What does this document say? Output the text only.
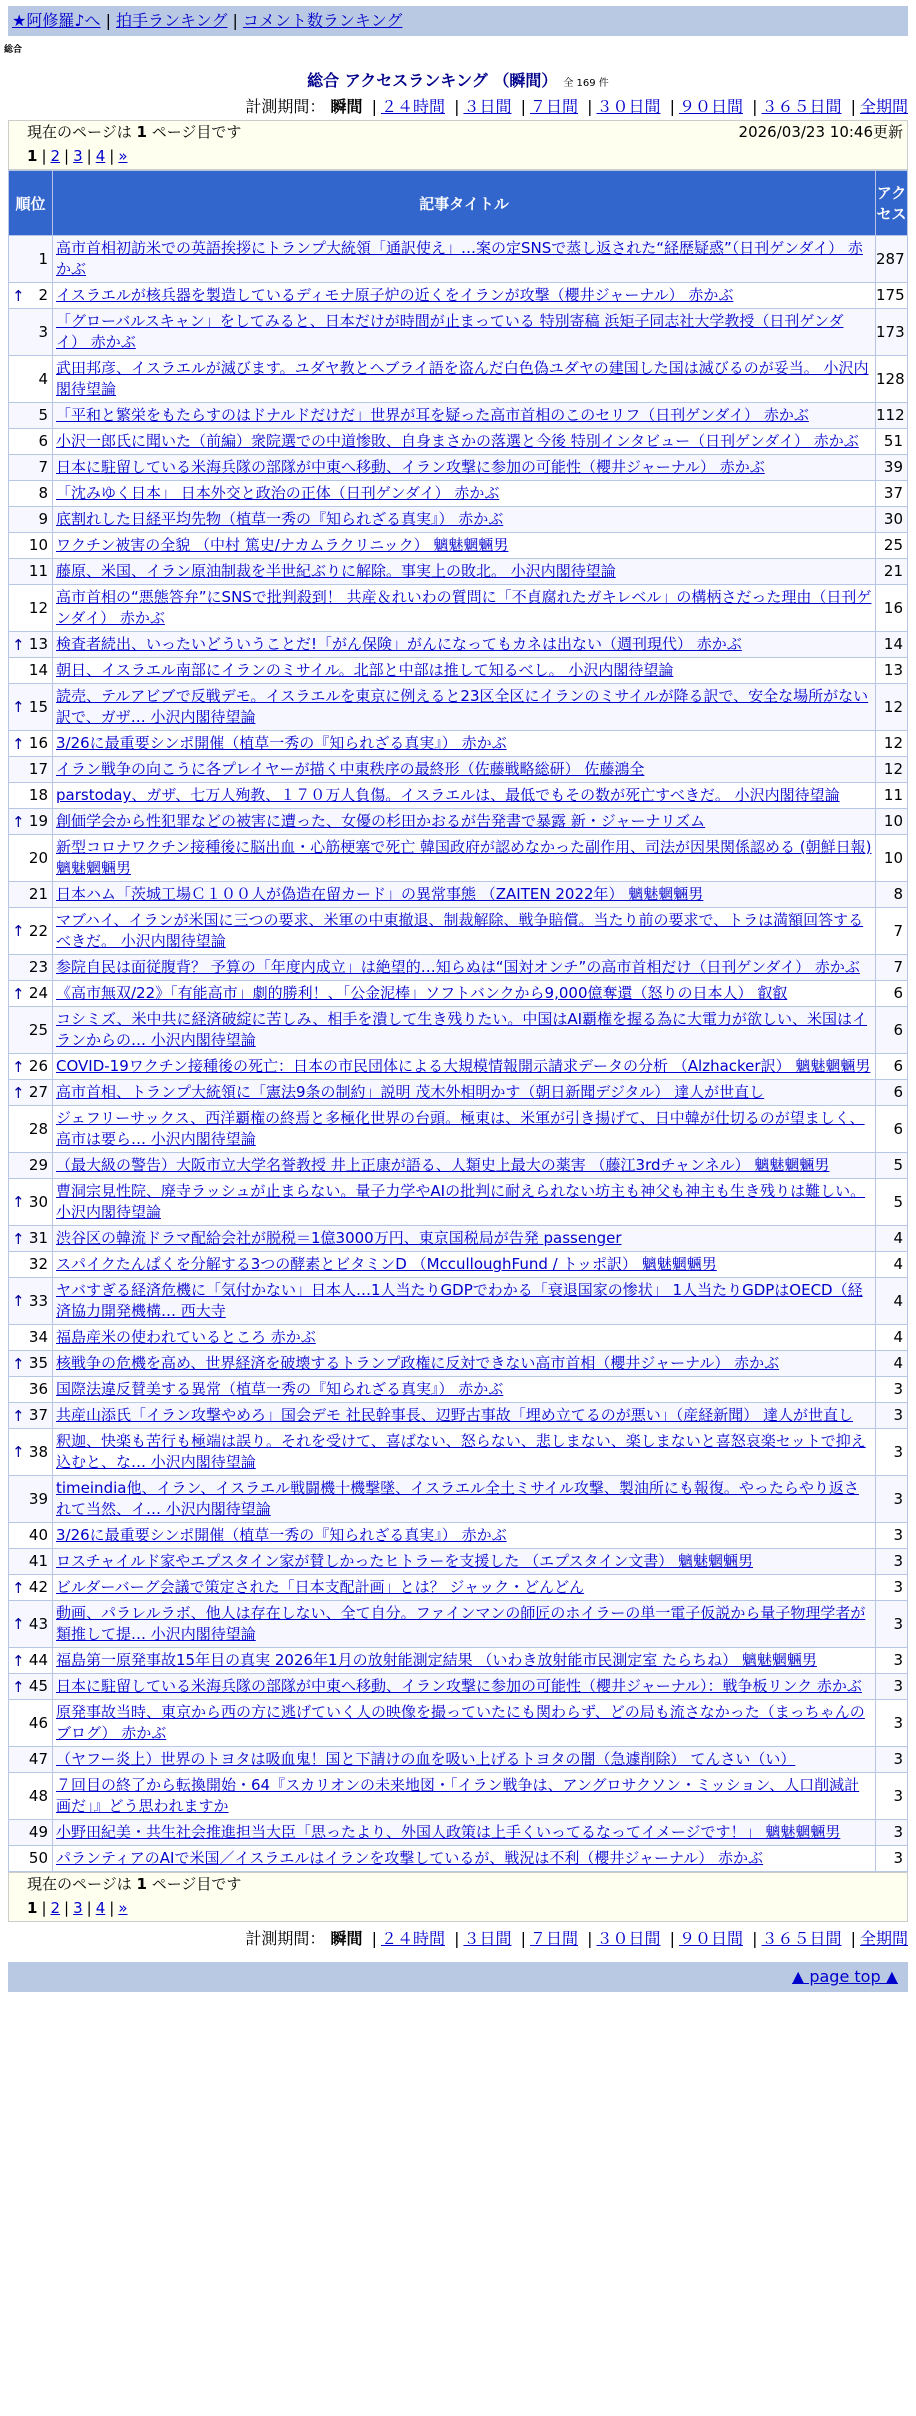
★阿修羅♪へ | 拍手ランキング | コメント数ランキング
総合
総合 アクセスランキング （瞬間） 全 169 件
計測期間： 瞬間 | ２４時間 | ３日間 | ７日間 | ３０日間 | ９０日間 | ３６５日間 | 全期間
現在のページは 1 ページ目です	2026/03/23 10:46更新
1 | 2 | 3 | 4 | »
順位	記事タイトル	アクセス
1	高市首相初訪米での英語挨拶にトランプ大統領「通訳使え」…案の定SNSで蒸し返された“経歴疑惑”（日刊ゲンダイ） 赤かぶ	287

↑ 2	イスラエルが核兵器を製造しているディモナ原子炉の近くをイランが攻撃（櫻井ジャーナル） 赤かぶ	175
3	「グローバルスキャン」をしてみると、日本だけが時間が止まっている 特別寄稿 浜矩子同志社大学教授（日刊ゲンダイ） 赤かぶ	173
4	武田邦彦、イスラエルが滅びます。ユダヤ教とヘブライ語を盗んだ白色偽ユダヤの建国した国は滅びるのが妥当。 小沢内閣待望論	128
5	「平和と繁栄をもたらすのはドナルドだけだ」世界が耳を疑った高市首相のこのセリフ（日刊ゲンダイ） 赤かぶ	112
6	小沢一郎氏に聞いた（前編）衆院選での中道惨敗、自身まさかの落選と今後 特別インタビュー（日刊ゲンダイ） 赤かぶ	51
7	日本に駐留している米海兵隊の部隊が中東へ移動、イラン攻撃に参加の可能性（櫻井ジャーナル） 赤かぶ	39
8	「沈みゆく日本」 日本外交と政治の正体（日刊ゲンダイ） 赤かぶ	37
9	底割れした日経平均先物（植草一秀の『知られざる真実』） 赤かぶ	30
10	ワクチン被害の全貌 （中村 篤史/ナカムラクリニック） 魑魅魍魎男	25
11	藤原、米国、イラン原油制裁を半世紀ぶりに解除。事実上の敗北。 小沢内閣待望論	21
12	高市首相の“悪態答弁”にSNSで批判殺到！ 共産＆れいわの質問に「不貞腐れたガキレベル」の構柄さだった理由（日刊ゲンダイ） 赤かぶ	16

↑ 13	検査者続出、いったいどういうことだ!「がん保険」がんになってもカネは出ない（週刊現代） 赤かぶ	14
14	朝日、イスラエル南部にイランのミサイル。北部と中部は推して知るべし。 小沢内閣待望論	13

↑ 15	読売、テルアビブで反戦デモ。イスラエルを東京に例えると23区全区にイランのミサイルが降る訳で、安全な場所がない訳で、ガザ… 小沢内閣待望論	12

↑ 16	3/26に最重要シンポ開催（植草一秀の『知られざる真実』） 赤かぶ	12
17	イラン戦争の向こうに各プレイヤーが描く中東秩序の最終形（佐藤戦略総研） 佐藤鴻全	12
18	parstoday、ガザ、七万人殉教、１７０万人負傷。イスラエルは、最低でもその数が死亡すべきだ。 小沢内閣待望論	11

↑ 19	創価学会から性犯罪などの被害に遭った、女優の杉田かおるが告発書で暴露 新・ジャーナリズム	10
20	新型コロナワクチン接種後に脳出血・心筋梗塞で死亡 韓国政府が認めなかった副作用、司法が因果関係認める (朝鮮日報) 魑魅魍魎男	10
21	日本ハム「茨城工場Ｃ１００人が偽造在留カード」の異常事態 （ZAITEN 2022年） 魑魅魍魎男	8

↑ 22	マブハイ、イランが米国に三つの要求、米軍の中東撤退、制裁解除、戦争賠償。当たり前の要求で、トラは満額回答するべきだ。 小沢内閣待望論	7
23	参院自民は面従腹背？ 予算の「年度内成立」は絶望的…知らぬは“国対オンチ”の高市首相だけ（日刊ゲンダイ） 赤かぶ	7

↑ 24	《高市無双/22》「有能高市」劇的勝利！、「公金泥棒」ソフトバンクから9,000億奪還（怒りの日本人） 叡叡	6
25	コシミズ、米中共に経済破綻に苦しみ、相手を潰して生き残りたい。中国はAI覇権を握る為に大電力が欲しい、米国はイランからの… 小沢内閣待望論	6

↑ 26	COVID-19ワクチン接種後の死亡：日本の市民団体による大規模情報開示請求データの分析 （Alzhacker訳） 魑魅魍魎男	6

↑ 27	高市首相、トランプ大統領に「憲法9条の制約」説明 茂木外相明かす（朝日新聞デジタル） 達人が世直し	6
28	ジェフリーサックス、西洋覇権の終焉と多極化世界の台頭。極東は、米軍が引き揚げて、日中韓が仕切るのが望ましく、高市は要ら… 小沢内閣待望論	6
29	（最大級の警告）大阪市立大学名誉教授 井上正康が語る、人類史上最大の薬害 （藤江3rdチャンネル） 魑魅魍魎男	5

↑ 30	曹洞宗見性院、廃寺ラッシュが止まらない。量子力学やAIの批判に耐えられない坊主も神父も神主も生き残りは難しい。 小沢内閣待望論	5

↑ 31	渋谷区の韓流ドラマ配給会社が脱税＝1億3000万円、東京国税局が告発 passenger	4
32	スパイクたんぱくを分解する3つの酵素とビタミンD （McculloughFund / トッポ訳） 魑魅魍魎男	4

↑ 33	ヤバすぎる経済危機に「気付かない」日本人…1人当たりGDPでわかる「衰退国家の惨状」 1人当たりGDPはOECD（経済協力開発機構… 西大寺	4
34	福島産米の使われているところ 赤かぶ	4

↑ 35	核戦争の危機を高め、世界経済を破壊するトランプ政権に反対できない高市首相（櫻井ジャーナル） 赤かぶ	4
36	国際法違反賛美する異常（植草一秀の『知られざる真実』） 赤かぶ	3

↑ 37	共産山添氏「イラン攻撃やめろ」国会デモ 社民幹事長、辺野古事故「埋め立てるのが悪い」（産経新聞） 達人が世直し	3

↑ 38	釈迦、快楽も苦行も極端は誤り。それを受けて、喜ばない、怒らない、悲しまない、楽しまないと喜怒哀楽セットで抑え込むと、な… 小沢内閣待望論	3
39	timeindia他、イラン、イスラエル戦闘機十機撃墜、イスラエル全土ミサイル攻撃、製油所にも報復。やったらやり返されて当然、イ… 小沢内閣待望論	3
40	3/26に最重要シンポ開催（植草一秀の『知られざる真実』） 赤かぶ	3
41	ロスチャイルド家やエプスタイン家が賛しかったヒトラーを支援した （エプスタイン文書） 魑魅魍魎男	3

↑ 42	ビルダーバーグ会議で策定された「日本支配計画」とは？ ジャック・どんどん	3

↑ 43	動画、パラレルラボ、他人は存在しない、全て自分。ファインマンの師匠のホイラーの単一電子仮説から量子物理学者が類推して提… 小沢内閣待望論	3

↑ 44	福島第一原発事故15年目の真実 2026年1月の放射能測定結果 （いわき放射能市民測定室 たらちね） 魑魅魍魎男	3

↑ 45	日本に駐留している米海兵隊の部隊が中東へ移動、イラン攻撃に参加の可能性（櫻井ジャーナル）：戦争板リンク 赤かぶ	3
46	原発事故当時、東京から西の方に逃げていく人の映像を撮っていたにも関わらず、どの局も流さなかった（まっちゃんのブログ） 赤かぶ	3
47	（ヤフー炎上）世界のトヨタは吸血鬼！国と下請けの血を吸い上げるトヨタの闇（急遽削除） てんさい（い）	3
48	７回目の終了から転換開始・64『スカリオンの未来地図・「イラン戦争は、アングロサクソン・ミッション、人口削減計画だ」』どう思われますか	3
49	小野田紀美・共生社会推進担当大臣「思ったより、外国人政策は上手くいってるなってイメージです！」 魑魅魍魎男	3
50	パランティアのAIで米国／イスラエルはイランを攻撃しているが、戦況は不利（櫻井ジャーナル） 赤かぶ	3
現在のページは 1 ページ目です
1 | 2 | 3 | 4 | »
計測期間： 瞬間 | ２４時間 | ３日間 | ７日間 | ３０日間 | ９０日間 | ３６５日間 | 全期間
▲ page top ▲
